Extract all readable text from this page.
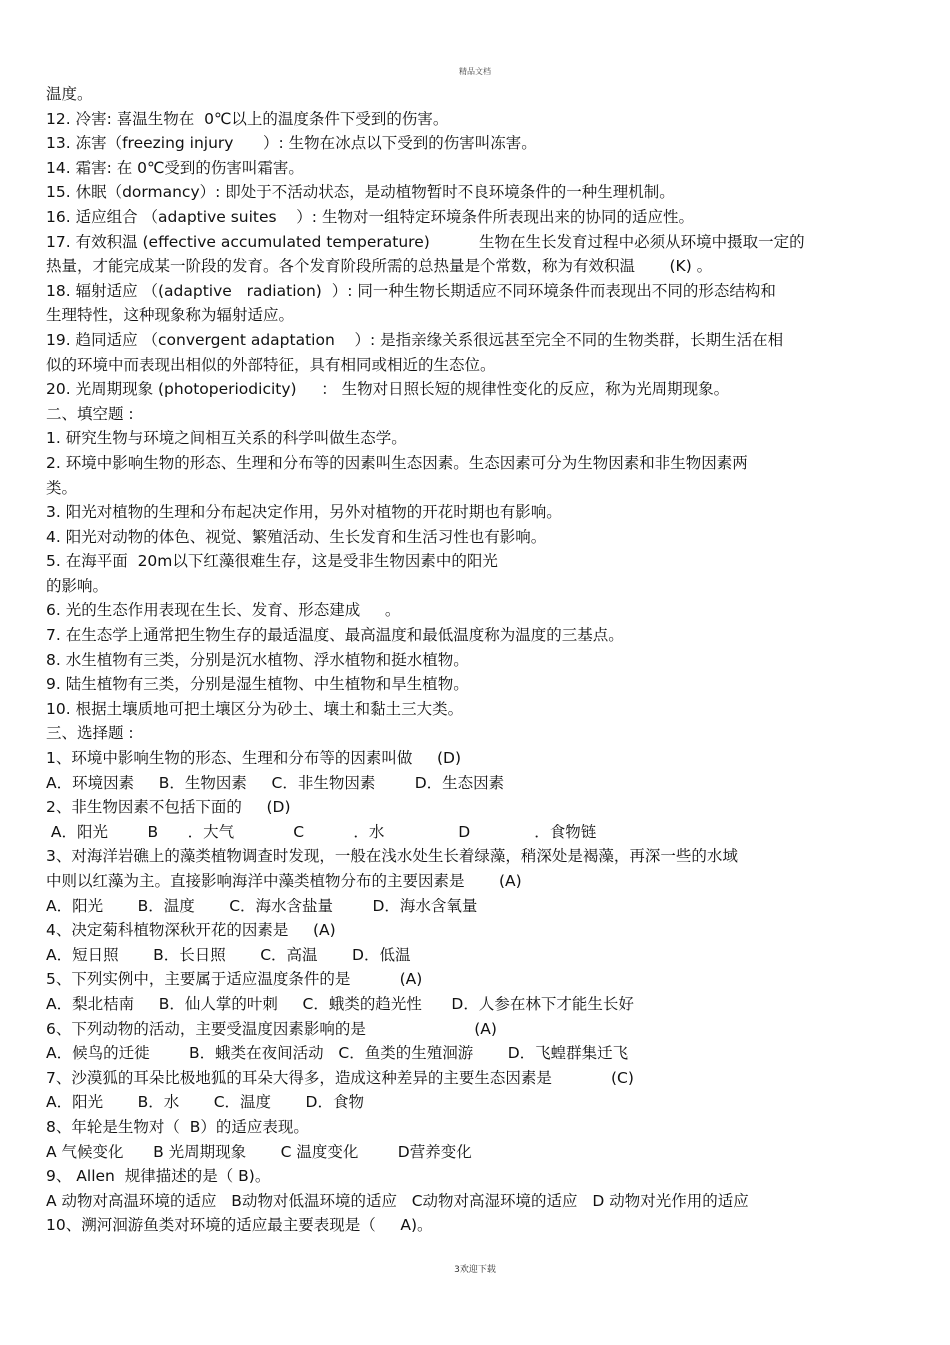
精品文档
温度。
12. 冷害: 喜温生物在  0℃以上的温度条件下受到的伤害。
13. 冻害（freezing injury      ）: 生物在冰点以下受到的伤害叫冻害。
14. 霜害: 在 0℃受到的伤害叫霜害。
15. 休眠（dormancy）: 即处于不活动状态，是动植物暂时不良环境条件的一种生理机制。
16. 适应组合 （adaptive suites    ）: 生物对一组特定环境条件所表现出来的协同的适应性。
17. 有效积温 (effective accumulated temperature)          生物在生长发育过程中必须从环境中摄取一定的
热量，才能完成某一阶段的发育。各个发育阶段所需的总热量是个常数，称为有效积温       (K) 。
18. 辐射适应 （(adaptive   radiation)  ）: 同一种生物长期适应不同环境条件而表现出不同的形态结构和
生理特性，这种现象称为辐射适应。
19. 趋同适应 （convergent adaptation    ）: 是指亲缘关系很远甚至完全不同的生物类群，长期生活在相
似的环境中而表现出相似的外部特征，具有相同或相近的生态位。
20. 光周期现象 (photoperiodicity)     ： 生物对日照长短的规律性变化的反应，称为光周期现象。
二、填空题 :
1. 研究生物与环境之间相互关系的科学叫做生态学。
2. 环境中影响生物的形态、生理和分布等的因素叫生态因素。生态因素可分为生物因素和非生物因素两
类。
3. 阳光对植物的生理和分布起决定作用，另外对植物的开花时期也有影响。
4. 阳光对动物的体色、视觉、繁殖活动、生长发育和生活习性也有影响。
5. 在海平面  20m以下红藻很难生存，这是受非生物因素中的阳光
的影响。
6. 光的生态作用表现在生长、发育、形态建成     。
7. 在生态学上通常把生物生存的最适温度、最高温度和最低温度称为温度的三基点。
8. 水生植物有三类，分别是沉水植物、浮水植物和挺水植物。
9. 陆生植物有三类，分别是湿生植物、中生植物和旱生植物。
10. 根据土壤质地可把土壤区分为砂土、壤土和黏土三大类。
三、选择题 :
1、环境中影响生物的形态、生理和分布等的因素叫做     (D)
A．环境因素     B．生物因素     C．非生物因素        D．生态因素
2、非生物因素不包括下面的     (D)
A．阳光        B      ．大气            C          ．水               D             ．食物链
3、对海洋岩礁上的藻类植物调查时发现，一般在浅水处生长着绿藻，稍深处是褐藻，再深一些的水域
中则以红藻为主。直接影响海洋中藻类植物分布的主要因素是       (A)
A．阳光       B．温度       C．海水含盐量        D．海水含氧量
4、决定菊科植物深秋开花的因素是     (A)
A．短日照       B．长日照       C．高温       D．低温
5、下列实例中，主要属于适应温度条件的是          (A)
A．梨北桔南     B．仙人掌的叶刺     C．蛾类的趋光性      D．人参在林下才能生长好
6、下列动物的活动，主要受温度因素影响的是                      (A)
A．候鸟的迁徙        B．蛾类在夜间活动   C．鱼类的生殖洄游       D．飞蝗群集迁飞
7、沙漠狐的耳朵比极地狐的耳朵大得多，造成这种差异的主要生态因素是            (C)
A．阳光       B．水       C．温度       D．食物
8、年轮是生物对（  B）的适应表现。
A 气候变化      B 光周期现象       C 温度变化        D营养变化
9、 Allen  规律描述的是（ B)。
A 动物对高温环境的适应   B动物对低温环境的适应   C动物对高湿环境的适应   D 动物对光作用的适应
10、溯河洄游鱼类对环境的适应最主要表现是（     A)。
3欢迎下载
